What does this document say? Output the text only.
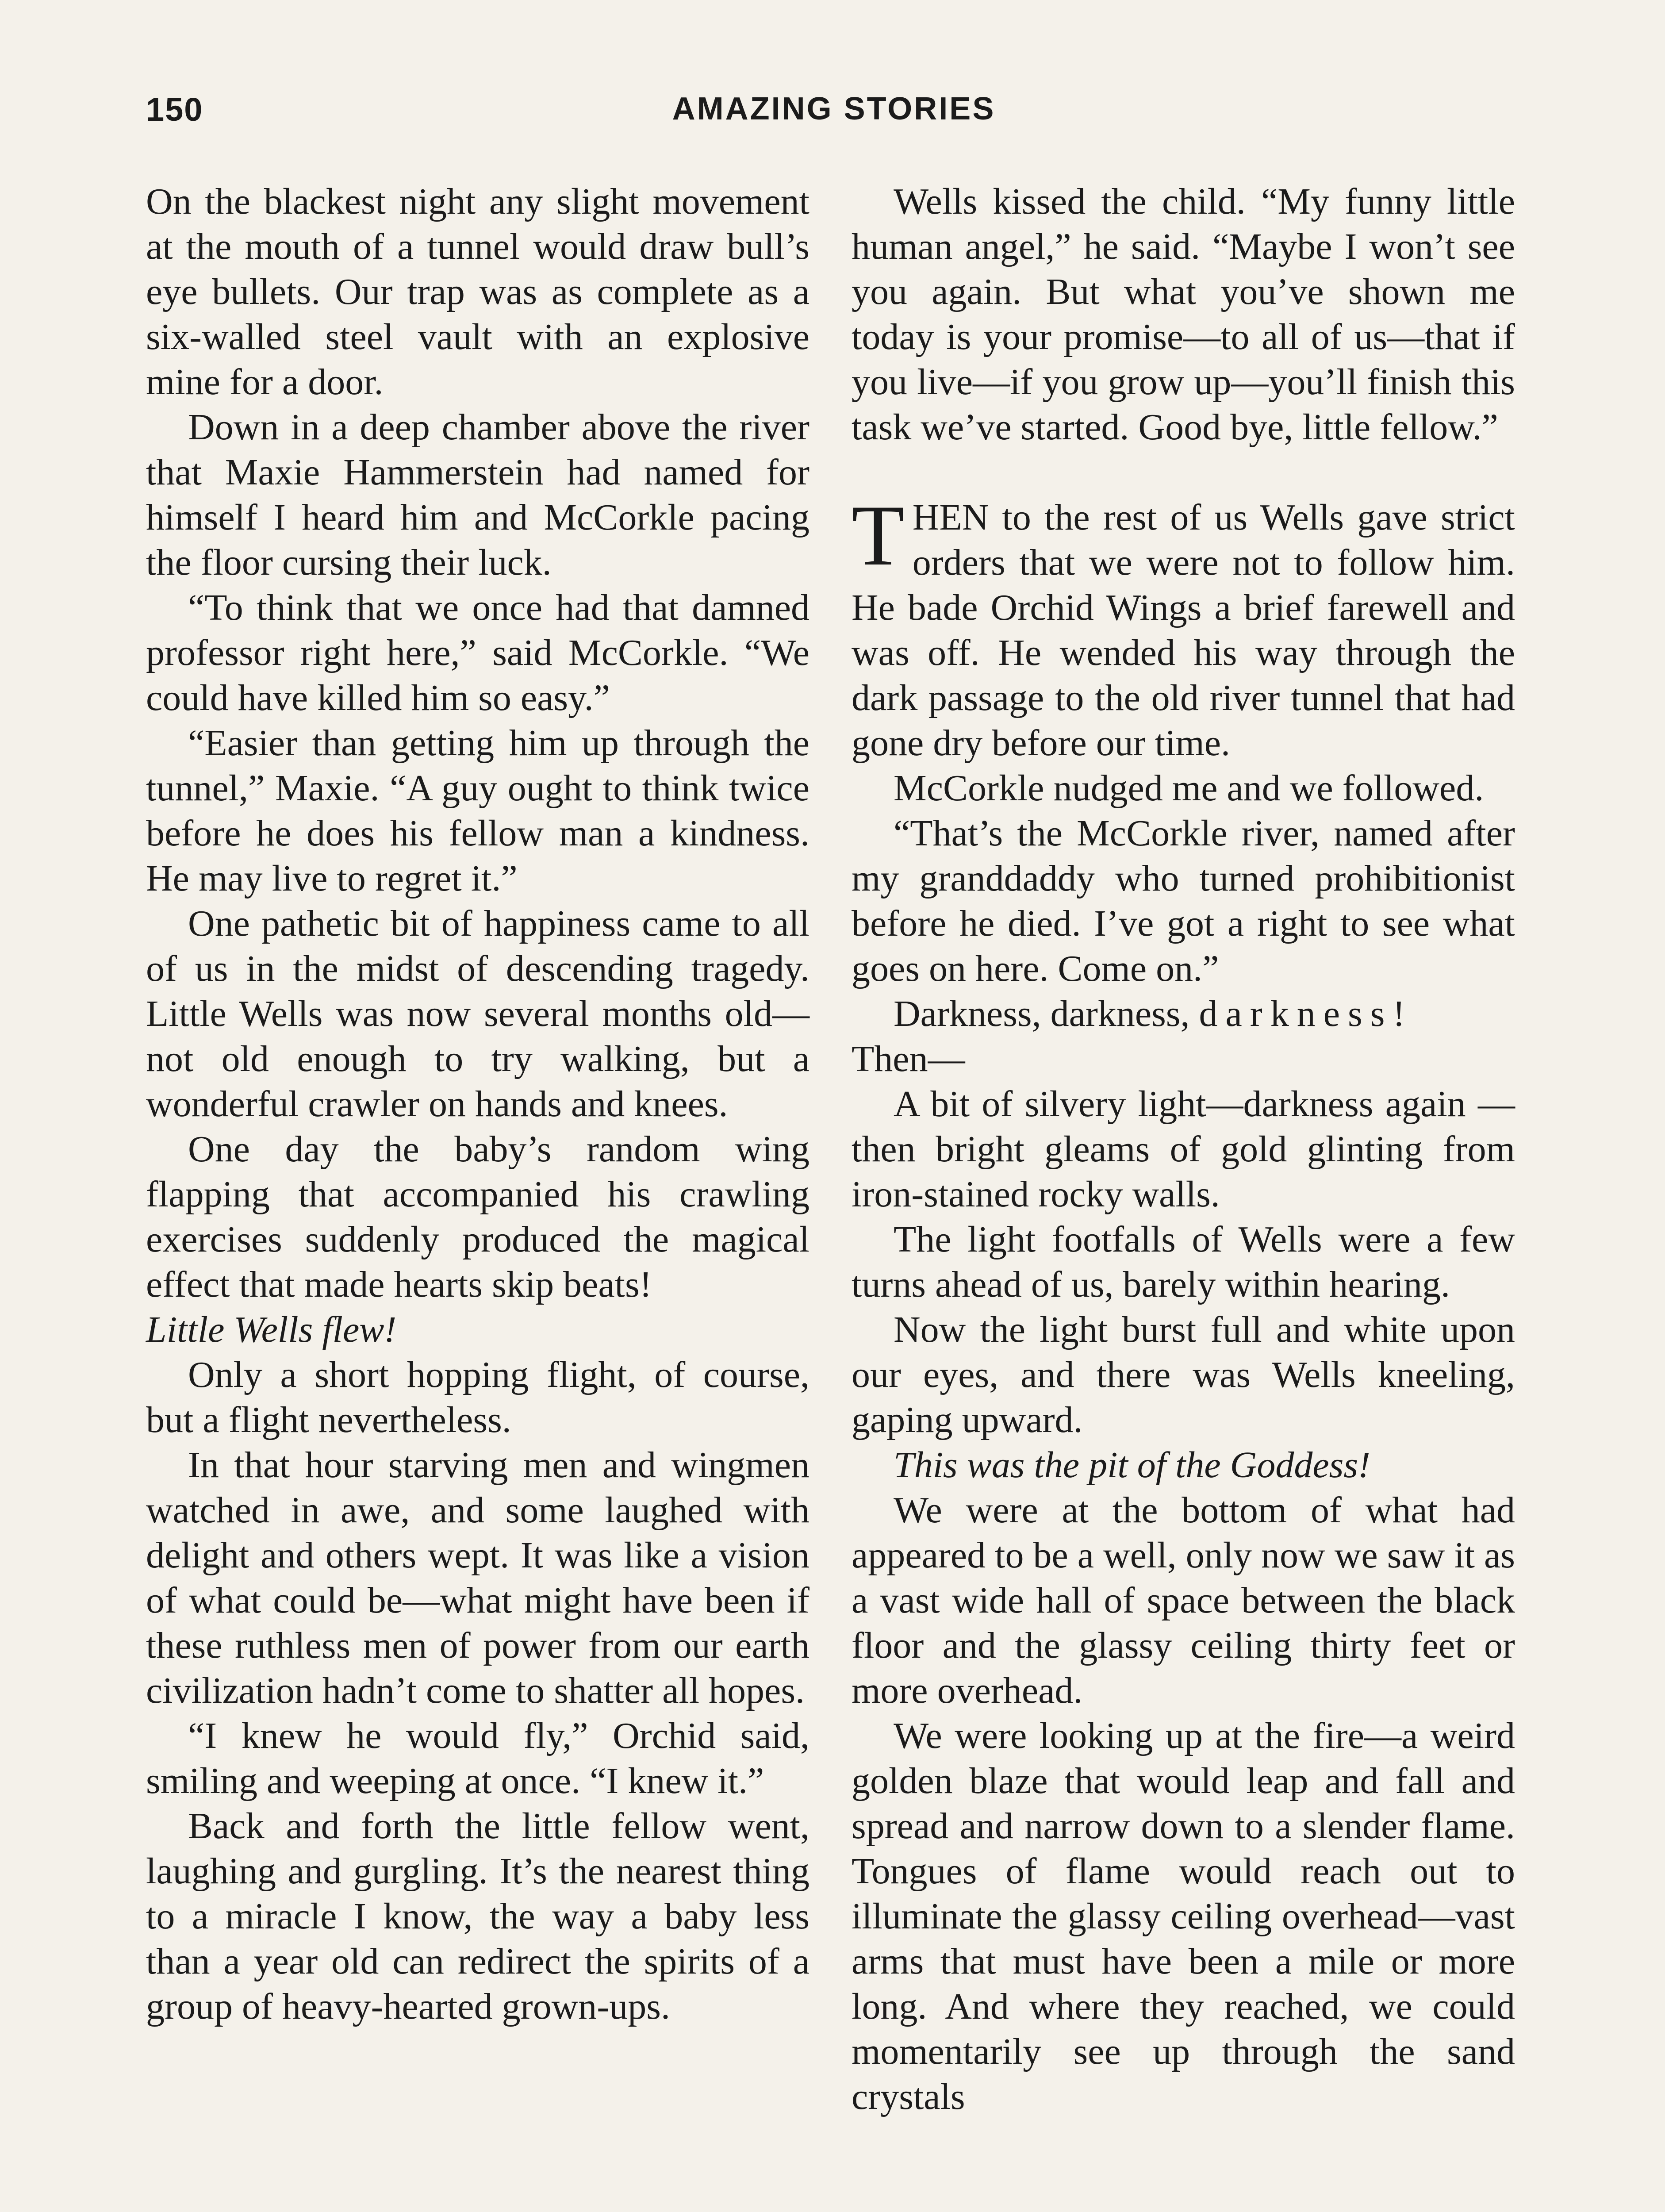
150	AMAZING STORIES

On the blackest night any slight movement at the mouth of a tunnel would draw bull’s eye bullets. Our trap was as complete as a six-walled steel vault with an explosive mine for a door.

Down in a deep chamber above the river that Maxie Hammerstein had named for himself I heard him and McCorkle pacing the floor cursing their luck.

“To think that we once had that damned professor right here,” said McCorkle. “We could have killed him so easy.”

“Easier than getting him up through the tunnel,” Maxie. “A guy ought to think twice before he does his fellow man a kindness. He may live to regret it.”

One pathetic bit of happiness came to all of us in the midst of descending tragedy. Little Wells was now several months old—not old enough to try walking, but a wonderful crawler on hands and knees.

One day the baby’s random wing flapping that accompanied his crawling exercises suddenly produced the magical effect that made hearts skip beats!

Little Wells flew!

Only a short hopping flight, of course, but a flight nevertheless.

In that hour starving men and wingmen watched in awe, and some laughed with delight and others wept. It was like a vision of what could be—what might have been if these ruthless men of power from our earth civilization hadn’t come to shatter all hopes.

“I knew he would fly,” Orchid said, smiling and weeping at once. “I knew it.”

Back and forth the little fellow went, laughing and gurgling. It’s the nearest thing to a miracle I know, the way a baby less than a year old can redirect the spirits of a group of heavy-hearted grown-ups.

Wells kissed the child. “My funny little human angel,” he said. “Maybe I won’t see you again. But what you’ve shown me today is your promise—to all of us—that if you live—if you grow up—you’ll finish this task we’ve started. Good bye, little fellow.”

THEN to the rest of us Wells gave strict orders that we were not to follow him. He bade Orchid Wings a brief farewell and was off. He wended his way through the dark passage to the old river tunnel that had gone dry before our time.

McCorkle nudged me and we followed.

“That’s the McCorkle river, named after my granddaddy who turned prohibitionist before he died. I’ve got a right to see what goes on here. Come on.”

Darkness, darkness, darkness!
Then—

A bit of silvery light—darkness again —then bright gleams of gold glinting from iron-stained rocky walls.

The light footfalls of Wells were a few turns ahead of us, barely within hearing.

Now the light burst full and white upon our eyes, and there was Wells kneeling, gaping upward.

This was the pit of the Goddess!

We were at the bottom of what had appeared to be a well, only now we saw it as a vast wide hall of space between the black floor and the glassy ceiling thirty feet or more overhead.

We were looking up at the fire—a weird golden blaze that would leap and fall and spread and narrow down to a slender flame. Tongues of flame would reach out to illuminate the glassy ceiling overhead—vast arms that must have been a mile or more long. And where they reached, we could momentarily see up through the sand crystals
